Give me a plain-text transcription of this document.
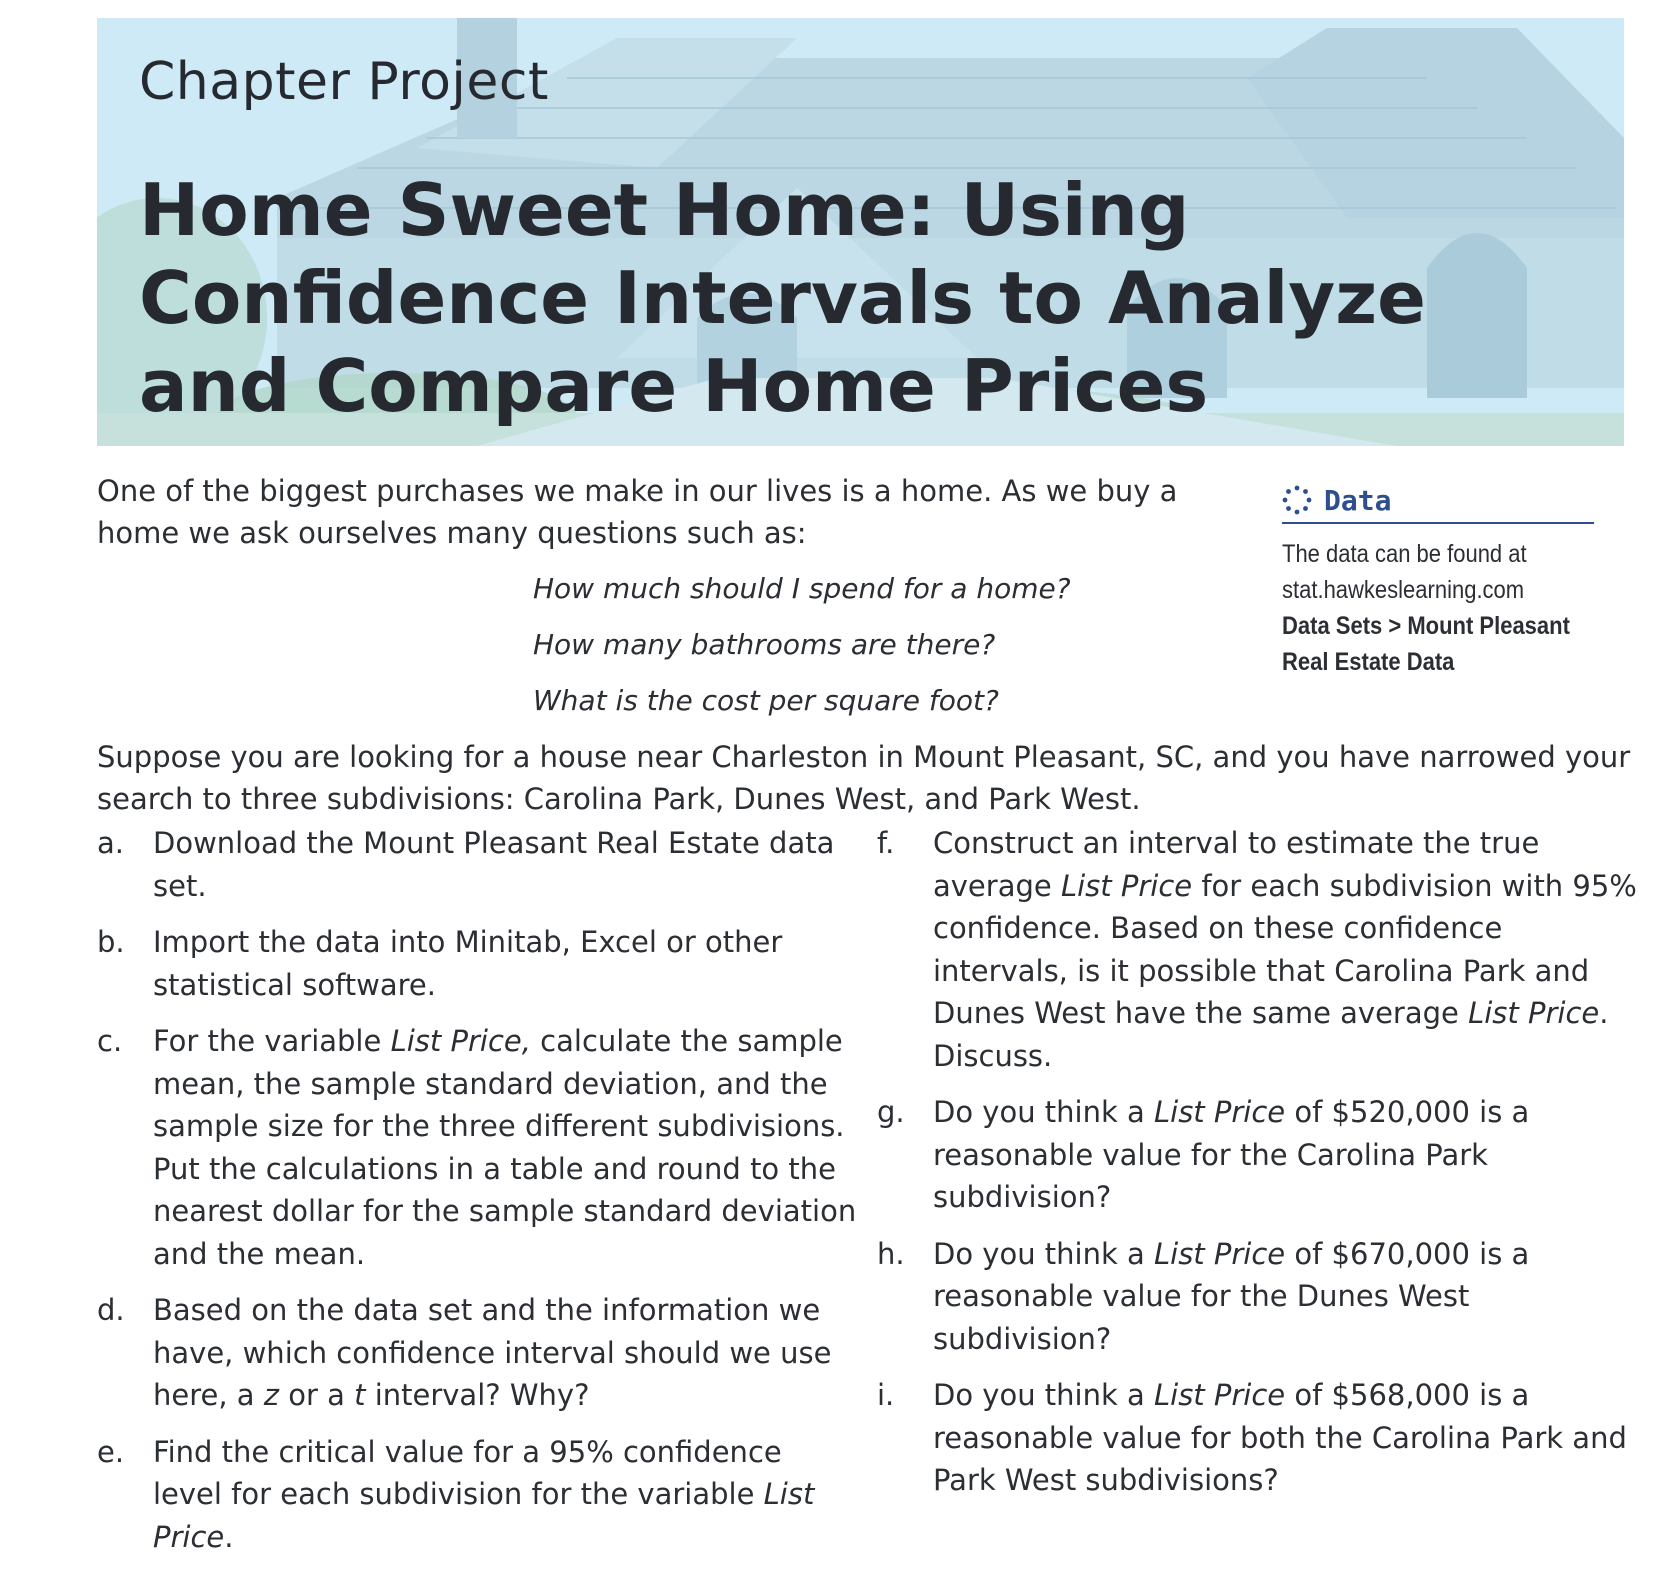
Chapter Project
Home Sweet Home: Using
Confidence Intervals to Analyze
and Compare Home Prices

One of the biggest purchases we make in our lives is a home. As we buy a home we ask ourselves many questions such as:

How much should I spend for a home?
How many bathrooms are there?
What is the cost per square foot?
Data

The data can be found at stat.hawkeslearning.com
Data Sets > Mount Pleasant
Real Estate Data

Suppose you are looking for a house near Charleston in Mount Pleasant, SC, and you have narrowed your search to three subdivisions: Carolina Park, Dunes West, and Park West.

a. Download the Mount Pleasant Real Estate data set.
b. Import the data into Minitab, Excel or other statistical software.
c. For the variable List Price, calculate the sample mean, the sample standard deviation, and the sample size for the three different subdivisions. Put the calculations in a table and round to the nearest dollar for the sample standard deviation and the mean.
d. Based on the data set and the information we have, which confidence interval should we use here, a z or a t interval? Why?
e. Find the critical value for a 95% confidence level for each subdivision for the variable List Price.
f. Construct an interval to estimate the true average List Price for each subdivision with 95% confidence. Based on these confidence intervals, is it possible that Carolina Park and Dunes West have the same average List Price. Discuss.
g. Do you think a List Price of $520,000 is a reasonable value for the Carolina Park subdivision?
h. Do you think a List Price of $670,000 is a reasonable value for the Dunes West subdivision?
i. Do you think a List Price of $568,000 is a reasonable value for both the Carolina Park and Park West subdivisions?
